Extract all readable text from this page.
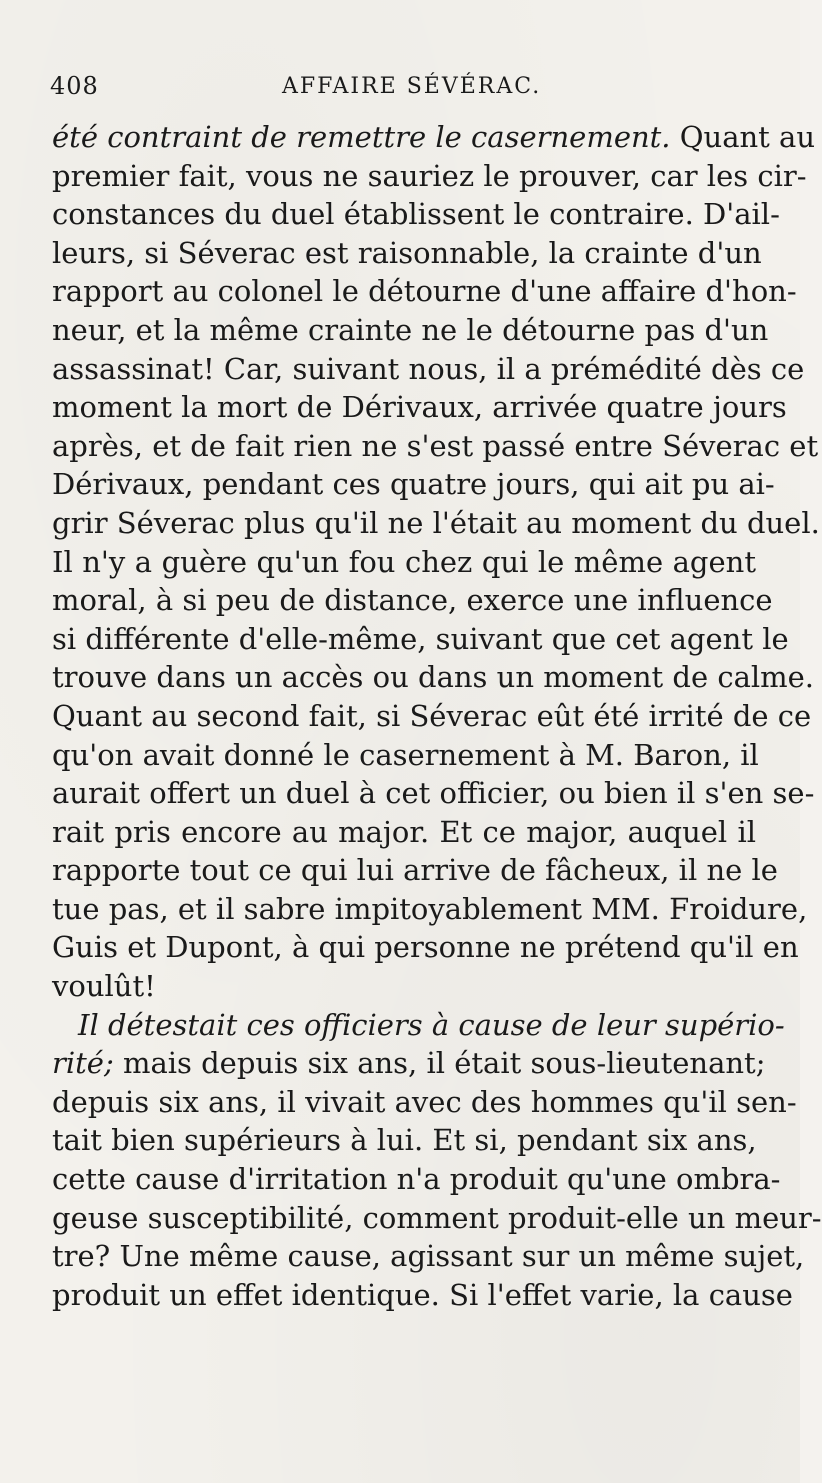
408	AFFAIRE SÉVÉRAC.
été contraint de remettre le casernement. Quant au
premier fait, vous ne sauriez le prouver, car les cir-
constances du duel établissent le contraire. D'ail-
leurs, si Séverac est raisonnable, la crainte d'un
rapport au colonel le détourne d'une affaire d'hon-
neur, et la même crainte ne le détourne pas d'un
assassinat! Car, suivant nous, il a prémédité dès ce
moment la mort de Dérivaux, arrivée quatre jours
après, et de fait rien ne s'est passé entre Séverac et
Dérivaux, pendant ces quatre jours, qui ait pu ai-
grir Séverac plus qu'il ne l'était au moment du duel.
Il n'y a guère qu'un fou chez qui le même agent
moral, à si peu de distance, exerce une influence
si différente d'elle-même, suivant que cet agent le
trouve dans un accès ou dans un moment de calme.
Quant au second fait, si Séverac eût été irrité de ce
qu'on avait donné le casernement à M. Baron, il
aurait offert un duel à cet officier, ou bien il s'en se-
rait pris encore au major. Et ce major, auquel il
rapporte tout ce qui lui arrive de fâcheux, il ne le
tue pas, et il sabre impitoyablement MM. Froidure,
Guis et Dupont, à qui personne ne prétend qu'il en
voulût!
Il détestait ces officiers à cause de leur supério-
rité; mais depuis six ans, il était sous-lieutenant;
depuis six ans, il vivait avec des hommes qu'il sen-
tait bien supérieurs à lui. Et si, pendant six ans,
cette cause d'irritation n'a produit qu'une ombra-
geuse susceptibilité, comment produit-elle un meur-
tre? Une même cause, agissant sur un même sujet,
produit un effet identique. Si l'effet varie, la cause
